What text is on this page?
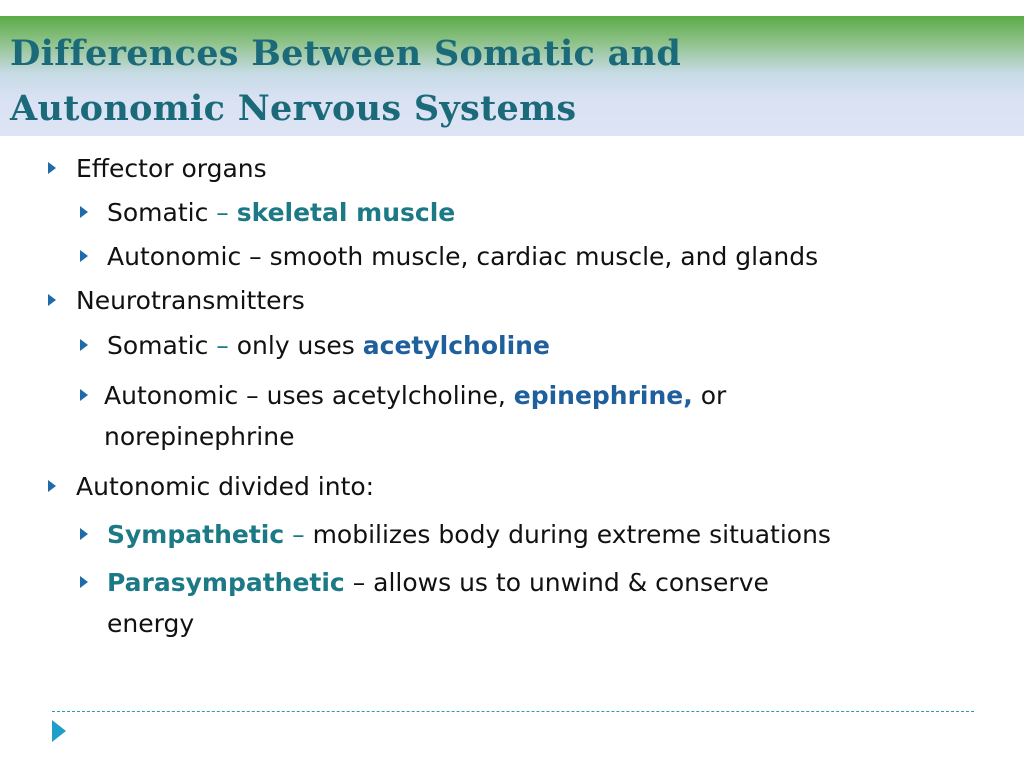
Differences Between Somatic and
Autonomic Nervous Systems
Effector organs
Somatic – skeletal muscle
Autonomic – smooth muscle, cardiac muscle, and glands
Neurotransmitters
Somatic – only uses acetylcholine
Autonomic – uses acetylcholine, epinephrine, or
norepinephrine
Autonomic divided into:
Sympathetic – mobilizes body during extreme situations
Parasympathetic – allows us to unwind & conserve
energy
